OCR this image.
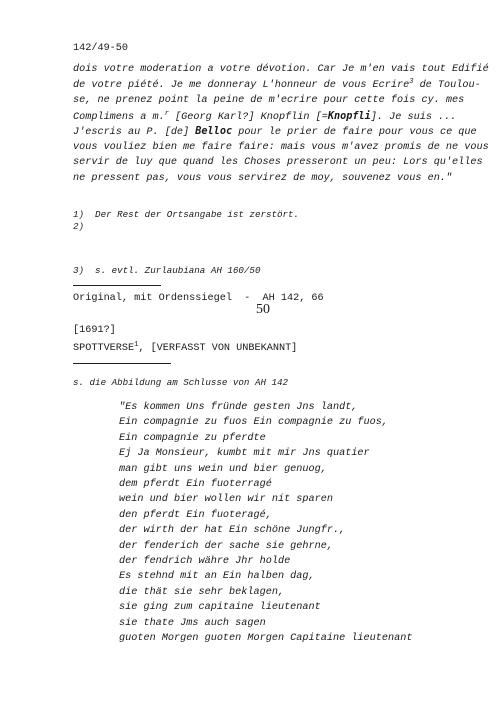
142/49-50
dois votre moderation a votre dévotion. Car Je m'en vais tout Edifié
de votre piété. Je me donneray L'honneur de vous Ecrire$^3$ de Toulou-
se, ne prenez point la peine de m'ecrire pour cette fois cy. mes
Complimens a m.$^r$ [Georg Karl?] Knopflin [=Knopfli]. Je suis ...
J'escris au P. [de] Belloc pour le prier de faire pour vous ce que
vous vouliez bien me faire faire: mais vous m'avez promis de ne vous
servir de luy que quand les Choses presseront un peu: Lors qu'elles
ne pressent pas, vous vous servirez de moy, souvenez vous en."
1)  Der Rest der Ortsangabe ist zerstört.
2)
3)  s. evtl. Zurlaubiana AH 160/50
Original, mit Ordenssiegel  -  AH 142, 66
50
[1691?]
SPOTTVERSE$^1$, [VERFASST VON UNBEKANNT]
s. die Abbildung am Schlusse von AH 142
"Es kommen Uns fründe gesten Jns landt,
Ein compagnie zu fuos Ein compagnie zu fuos,
Ein compagnie zu pferdte
Ej Ja Monsieur, kumbt mit mir Jns quatier
man gibt uns wein und bier genuog,
dem pferdt Ein fuoterragé
wein und bier wollen wir nit sparen
den pferdt Ein fuoteragé,
der wirth der hat Ein schöne Jungfr.,
der fenderich der sache sie gehrne,
der fendrich währe Jhr holde
Es stehnd mit an Ein halben dag,
die thät sie sehr beklagen,
sie ging zum capitaine lieutenant
sie thate Jms auch sagen
guoten Morgen guoten Morgen Capitaine lieutenant
